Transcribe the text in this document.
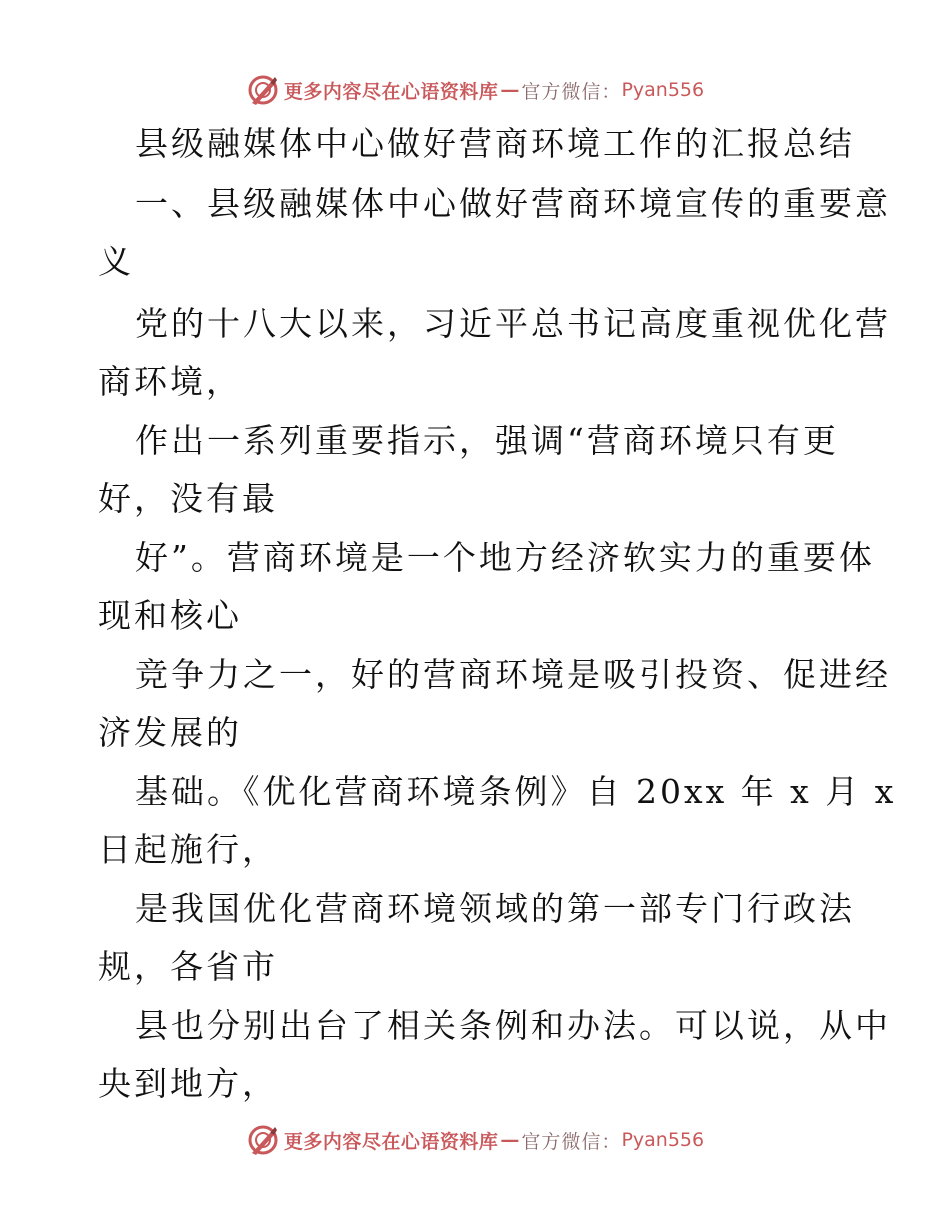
更多内容尽在心语资料库 — 官方微信： Pyan556
县级融媒体中心做好营商环境工作的汇报总结
一、县级融媒体中心做好营商环境宣传的重要意
义
党的十八大以来，习近平总书记高度重视优化营
商环境，
作出一系列重要指示，强调“营商环境只有更
好，没有最
好”。营商环境是一个地方经济软实力的重要体
现和核心
竞争力之一，好的营商环境是吸引投资、促进经
济发展的
基础。《优化营商环境条例》自 20xx 年 x 月 x
日起施行，
是我国优化营商环境领域的第一部专门行政法
规，各省市
县也分别出台了相关条例和办法。可以说，从中
央到地方，
更多内容尽在心语资料库 — 官方微信： Pyan556
